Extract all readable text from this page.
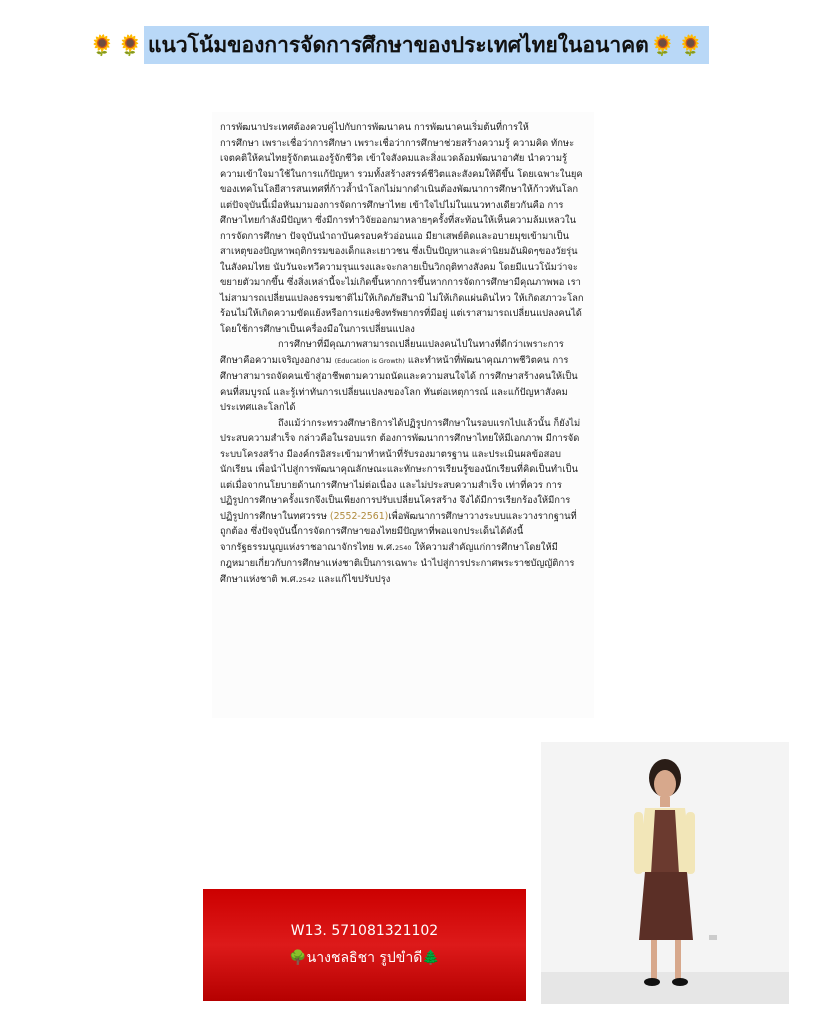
🌻 🌻 แนวโน้มของการจัดการศึกษาของประเทศไทยในอนาคต 🌻 🌻

การพัฒนาประเทศต้องควบคู่ไปกับการพัฒนาคน การพัฒนาคนเริ่มต้นที่การให้

การศึกษา เพราะเชื่อว่าการศึกษา เพราะเชื่อว่าการศึกษาช่วยสร้างความรู้ ความคิด ทักษะเจตคติให้คนไทยรู้จักตนเองรู้จักชีวิต เข้าใจสังคมและสิ่งแวดล้อมพัฒนาอาศัย นำความรู้ความเข้าใจมาใช้ในการแก้ปัญหา รวมทั้งสร้างสรรค์ชีวิตและสังคมให้ดีขึ้น โดยเฉพาะในยุคของเทคโนโลยีสารสนเทศที่ก้าวล้ำนำโลกไม่มากดำเนินต้องพัฒนาการศึกษาให้ก้าวทันโลกแต่ปัจจุบันนี้เมื่อหันมามองการจัดการศึกษาไทย เข้าใจไปไม่ในแนวทางเดียวกันคือ การศึกษาไทยกำลังมีปัญหา ซึ่งมีการทำวิจัยออกมาหลายๆครั้งที่สะท้อนให้เห็นความล้มเหลวในการจัดการศึกษา ปัจจุบันนำถาบันครอบครัวอ่อนแอ มียาเสพย์ติดและอบายมุขเข้ามาเป็นสาเหตุของปัญหาพฤติกรรมของเด็กและเยาวชน ซึ่งเป็นปัญหาและค่านิยมอันผิดๆของวัยรุ่นในสังคมไทย นับวันจะทวีความรุนแรงและจะกลายเป็นวิกฤติทางสังคม โดยมีแนวโน้มว่าจะขยายตัวมากขึ้น ซึ่งสิ่งเหล่านี้จะไม่เกิดขึ้นหากการขึ้นหากการจัดการศึกษามีคุณภาพพอ เราไม่สามารถเปลี่ยนแปลงธรรมชาติไม่ให้เกิดภัยสึนามิ ไม่ให้เกิดแผ่นดินไหว ให้เกิดสภาวะโลกร้อนไม่ให้เกิดความขัดแย้งหรือการแย่งชิงทรัพยากรที่มีอยู่ แต่เราสามารถเปลี่ยนแปลงคนได้ โดยใช้การศึกษาเป็นเครื่องมือในการเปลี่ยนแปลง

การศึกษาที่มีคุณภาพสามารถเปลี่ยนแปลงคนไปในทางที่ดีกว่าเพราะการศึกษาคือความเจริญงอกงาม (Education is Growth) และทำหน้าที่พัฒนาคุณภาพชีวิตคน การศึกษาสามารถจัดคนเข้าสู่อาชีพตามความถนัดและความสนใจได้ การศึกษาสร้างคนให้เป็นคนที่สมบูรณ์ และรู้เท่าทันการเปลี่ยนแปลงของโลก ทันต่อเหตุการณ์ และแก้ปัญหาสังคม ประเทศและโลกได้

ถึงแม้ว่ากระทรวงศึกษาธิการได้ปฏิรูปการศึกษาในรอบแรกไปแล้วนั้น ก็ยังไม่ประสบความสำเร็จ กล่าวคือในรอบแรก ต้องการพัฒนาการศึกษาไทยให้มีเอกภาพ มีการจัดระบบโครงสร้าง มีองค์กรอิสระเข้ามาทำหน้าที่รับรองมาตรฐาน และประเมินผลข้อสอบนักเรียน เพื่อนำไปสู่การพัฒนาคุณลักษณะและทักษะการเรียนรู้ของนักเรียนที่คิดเป็นทำเป็น แต่เมื่อจากนโยบายด้านการศึกษาไม่ต่อเนื่อง และไม่ประสบความสำเร็จ เท่าที่ควร การปฏิรูปการศึกษาครั้งแรกจึงเป็นเพียงการปรับเปลี่ยนโครสร้าง จึงได้มีการเรียกร้องให้มีการปฏิรูปการศึกษาในทศวรรษ (2552-2561)เพื่อพัฒนาการศึกษาวางระบบและวางรากฐานที่ถูกต้อง ซึ่งปัจจุบันนี้การจัดการศึกษาของไทยมีปัญหาที่พอแจกประเด็นได้ดังนี้

จากรัฐธรรมนูญแห่งราชอาณาจักรไทย พ.ศ.2540 ให้ความสำคัญแก่การศึกษาโดยให้มีกฎหมายเกี่ยวกับการศึกษาแห่งชาติเป็นการเฉพาะ นำไปสู่การประกาศพระราชบัญญัติการศึกษาแห่งชาติ พ.ศ.2542 และแก้ไขปรับปรุง

W13. 571081321102
🌳นางชลธิชา รูปขำดี🌲
